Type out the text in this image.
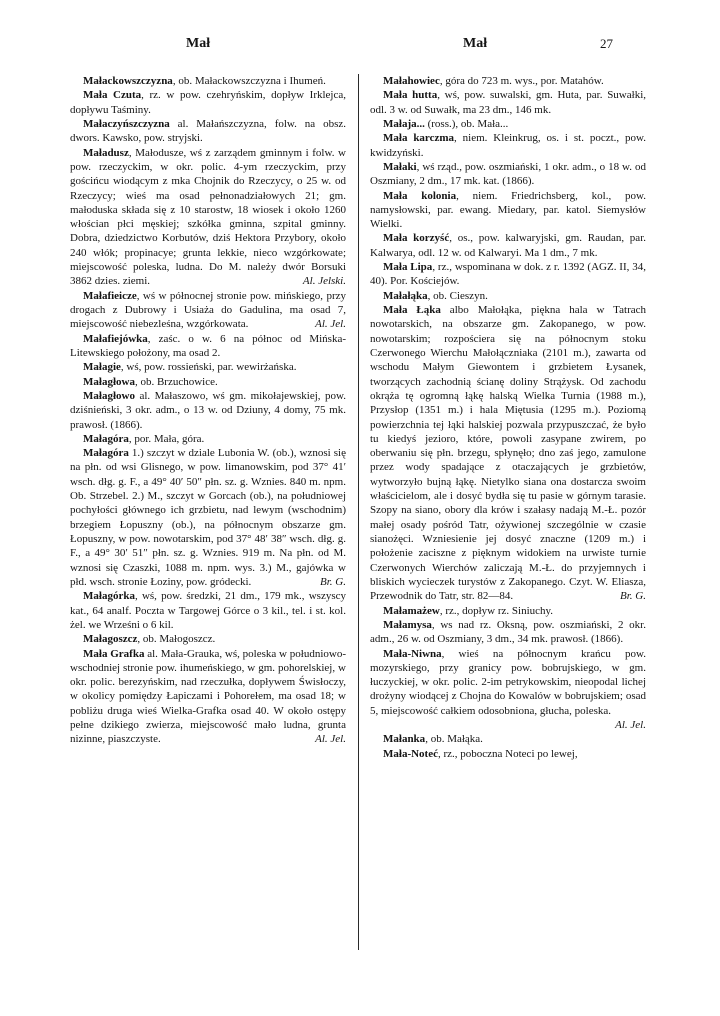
Mał	Mał	27

Małackowszczyzna, ob. Małackowszczyzna i Ihumeń.

Mała Czuta, rz. w pow. czehryńskim, dopływ Irklejca, dopływu Taśminy.

Małaczyńszczyzna al. Małańszczyzna, folw. na obsz. dwors. Kawsko, pow. stryjski.

Maładusz, Małodusze, wś z zarządem gminnym i folw. w pow. rzeczyckim, w okr. polic. 4-ym rzeczyckim, przy gościńcu wiodącym z mka Chojnik do Rzeczycy, o 25 w. od Rzeczycy; wieś ma osad pełnonadziałowych 21; gm. małoduska składa się z 10 starostw, 18 wiosek i około 1260 włościan płci męskiej; szkółka gminna, szpital gminny. Dobra, dziedzictwo Korbutów, dziś Hektora Przybory, około 240 włók; propinacye; grunta lekkie, nieco wzgórkowate; miejscowość poleska, ludna. Do M. należy dwór Borsuki 3862 dzies. ziemi.	Al. Jelski.

Małafieicze, wś w północnej stronie pow. mińskiego, przy drogach z Dubrowy i Usiaża do Gadulina, ma osad 7, miejscowość niebezleśna, wzgórkowata.	Al. Jel.

Małafiejówka, zaśc. o w. 6 na północ od Mińska-Litewskiego położony, ma osad 2.

Małagie, wś, pow. rossieński, par. wewirżańska.

Małagłowa, ob. Brzuchowice.

Małagłowo al. Małaszowo, wś gm. mikołajewskiej, pow. dziśnieński, 3 okr. adm., o 13 w. od Dziuny, 4 domy, 75 mk. prawosł. (1866).

Małagóra, por. Mała, góra.

Małagóra 1.) szczyt w dziale Lubonia W. (ob.), wznosi się na płn. od wsi Glisnego, w pow. limanowskim, pod 37° 41′ wsch. dłg. g. F., a 49° 40′ 50″ płn. sz. g. Wznies. 840 m. npm. Ob. Strzebel. 2.) M., szczyt w Gorcach (ob.), na południowej pochyłości głównego ich grzbietu, nad lewym (wschodnim) brzegiem Łopuszny (ob.), na północnym obszarze gm. Łopuszny, w pow. nowotarskim, pod 37° 48′ 38″ wsch. dłg. g. F., a 49° 30′ 51″ płn. sz. g. Wznies. 919 m. Na płn. od M. wznosi się Czaszki, 1088 m. npm. wys. 3.) M., gajówka w płd. wsch. stronie Łoziny, pow. gródecki.	Br. G.

Małagórka, wś, pow. średzki, 21 dm., 179 mk., wszyscy kat., 64 analf. Poczta w Targowej Górce o 3 kil., tel. i st. kol. żel. we Wrześni o 6 kil.

Małagoszcz, ob. Małogoszcz.

Mała Grafka al. Mała-Grauka, wś, poleska w południowo-wschodniej stronie pow. ihumeńskiego, w gm. pohorelskiej, w okr. polic. berezyńskim, nad rzeczułka, dopływem Świsłoczy, w okolicy pomiędzy Łapiczami i Pohorełem, ma osad 18; w pobliżu druga wieś Wielka-Grafka osad 40. W około ostępy pełne dzikiego zwierza, miejscowość mało ludna, grunta nizinne, piaszczyste.	Al. Jel.

Małahowiec, góra do 723 m. wys., por. Matahów.

Mała hutta, wś, pow. suwalski, gm. Huta, par. Suwałki, odl. 3 w. od Suwałk, ma 23 dm., 146 mk.

Małaja... (ross.), ob. Mała...

Mała karczma, niem. Kleinkrug, os. i st. poczt., pow. kwidzyński.

Małaki, wś rząd., pow. oszmiański, 1 okr. adm., o 18 w. od Oszmiany, 2 dm., 17 mk. kat. (1866).

Mała kolonia, niem. Friedrichsberg, kol., pow. namysłowski, par. ewang. Miedary, par. katol. Siemysłów Wielki.

Mała korzyść, os., pow. kalwaryjski, gm. Raudan, par. Kalwarya, odl. 12 w. od Kalwaryi. Ma 1 dm., 7 mk.

Mała Lipa, rz., wspominana w dok. z r. 1392 (AGZ. II, 34, 40). Por. Kościejów.

Małałąka, ob. Cieszyn.

Mała Łąka albo Małołąka, piękna hala w Tatrach nowotarskich, na obszarze gm. Zakopanego, w pow. nowotarskim; rozpościera się na północnym stoku Czerwonego Wierchu Małołączniaka (2101 m.), zawarta od wschodu Małym Giewontem i grzbietem Łysanek, tworzących zachodnią ścianę doliny Strążysk. Od zachodu okrąża tę ogromną łąkę halską Wielka Turnia (1988 m.), Przysłop (1351 m.) i hala Miętusia (1295 m.). Poziomą powierzchnia tej łąki halskiej pozwala przypuszczać, że było tu kiedyś jezioro, które, powoli zasypane zwirem, po oberwaniu się płn. brzegu, spłynęło; dno zaś jego, zamulone przez wody spadające z otaczających je grzbietów, wytworzyło bujną łąkę. Nietylko siana ona dostarcza swoim właścicielom, ale i dosyć bydła się tu pasie w górnym tarasie. Szopy na siano, obory dla krów i szałasy nadają M.-Ł. pozór małej osady pośród Tatr, ożywionej szczególnie w czasie sianożęci. Wzniesienie jej dosyć znaczne (1209 m.) i położenie zaciszne z pięknym widokiem na urwiste turnie Czerwonych Wierchów zaliczają M.-Ł. do przyjemnych i bliskich wycieczek turystów z Zakopanego. Czyt. W. Eliasza, Przewodnik do Tatr, str. 82—84.	Br. G.

Małamażew, rz., dopływ rz. Siniuchy.

Małamysa, ws nad rz. Oksną, pow. oszmiański, 2 okr. adm., 26 w. od Oszmiany, 3 dm., 34 mk. prawosł. (1866).

Mała-Niwna, wieś na północnym krańcu pow. mozyrskiego, przy granicy pow. bobrujskiego, w gm. łuczyckiej, w okr. polic. 2-im petrykowskim, nieopodal lichej drożyny wiodącej z Chojna do Kowalów w bobrujskiem; osad 5, miejscowość całkiem odosobniona, głucha, poleska.
Al. Jel.

Małanka, ob. Małąka.

Mała-Noteć, rz., poboczna Noteci po lewej,
